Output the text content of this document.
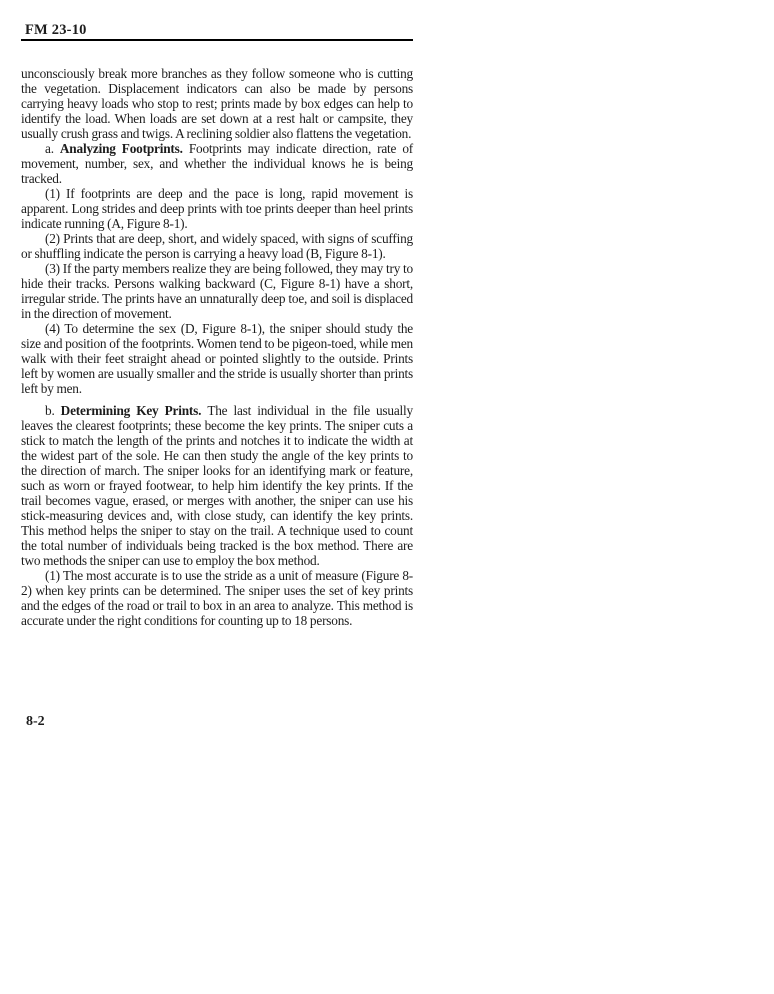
FM 23-10

unconsciously break more branches as they follow someone who is cutting the vegetation. Displacement indicators can also be made by persons carrying heavy loads who stop to rest; prints made by box edges can help to identify the load. When loads are set down at a rest halt or campsite, they usually crush grass and twigs. A reclining soldier also flattens the vegetation.

a. Analyzing Footprints. Footprints may indicate direction, rate of movement, number, sex, and whether the individual knows he is being tracked.

(1) If footprints are deep and the pace is long, rapid movement is apparent. Long strides and deep prints with toe prints deeper than heel prints indicate running (A, Figure 8-1).

(2) Prints that are deep, short, and widely spaced, with signs of scuffing or shuffling indicate the person is carrying a heavy load (B, Figure 8-1).

(3) If the party members realize they are being followed, they may try to hide their tracks. Persons walking backward (C, Figure 8-1) have a short, irregular stride. The prints have an unnaturally deep toe, and soil is displaced in the direction of movement.

(4) To determine the sex (D, Figure 8-1), the sniper should study the size and position of the footprints. Women tend to be pigeon-toed, while men walk with their feet straight ahead or pointed slightly to the outside. Prints left by women are usually smaller and the stride is usually shorter than prints left by men.

b. Determining Key Prints. The last individual in the file usually leaves the clearest footprints; these become the key prints. The sniper cuts a stick to match the length of the prints and notches it to indicate the width at the widest part of the sole. He can then study the angle of the key prints to the direction of march. The sniper looks for an identifying mark or feature, such as worn or frayed footwear, to help him identify the key prints. If the trail becomes vague, erased, or merges with another, the sniper can use his stick-measuring devices and, with close study, can identify the key prints. This method helps the sniper to stay on the trail. A technique used to count the total number of individuals being tracked is the box method. There are two methods the sniper can use to employ the box method.

(1) The most accurate is to use the stride as a unit of measure (Figure 8-2) when key prints can be determined. The sniper uses the set of key prints and the edges of the road or trail to box in an area to analyze. This method is accurate under the right conditions for counting up to 18 persons.

8-2
